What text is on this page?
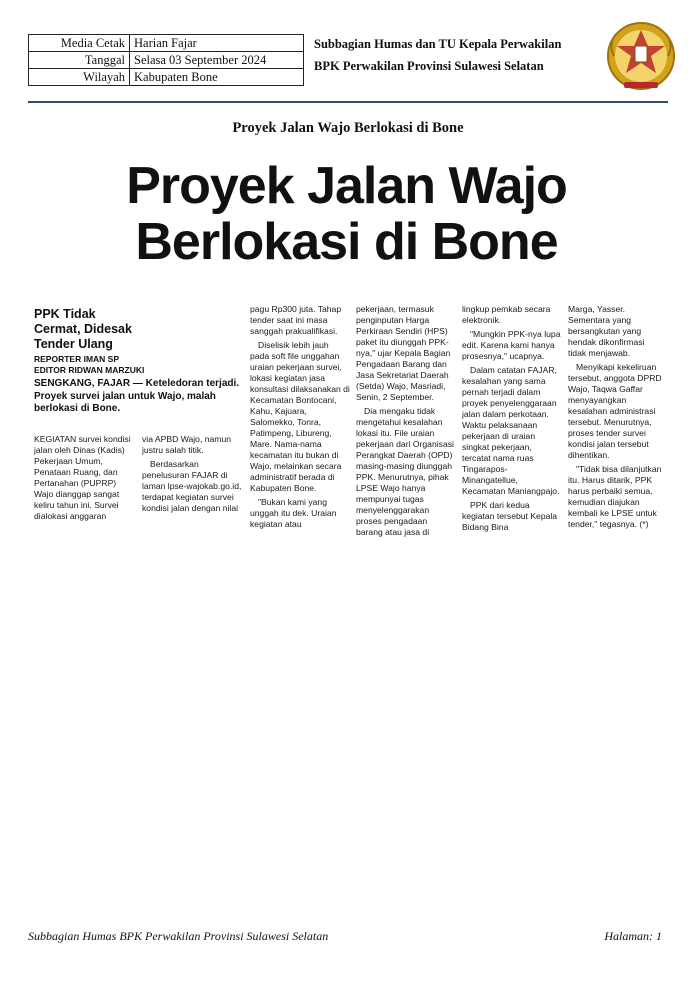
Media Cetak	Harian Fajar
Tanggal	Selasa 03 September 2024
Wilayah	Kabupaten Bone
Subbagian Humas dan TU Kepala Perwakilan
BPK Perwakilan Provinsi Sulawesi Selatan
Proyek Jalan Wajo Berlokasi di Bone
Proyek Jalan Wajo
Berlokasi di Bone
PPK Tidak Cermat, Didesak Tender Ulang
REPORTER IMAN SP
EDITOR RIDWAN MARZUKI
SENGKANG, FAJAR — Keteledoran terjadi. Proyek survei jalan untuk Wajo, malah berlokasi di Bone.

KEGIATAN survei kondisi jalan oleh Dinas (Kadis) Pekerjaan Umum, Penataan Ruang, dan Pertanahan (PUPRP) Wajo dianggap sangat keliru tahun ini. Survei dialokasi anggaran

via APBD Wajo, namun justru salah titik.

Berdasarkan penelusuran FAJAR di laman lpse-wajokab.go.id, terdapat kegiatan survei kondisi jalan dengan nilai

pagu Rp300 juta. Tahap tender saat ini masa sanggah prakualifikasi.

Diselisik lebih jauh pada soft file unggahan uraian pekerjaan survei, lokasi kegiatan jasa konsultasi dilaksanakan di Kecamatan Bontocani, Kahu, Kajuara, Salomekko, Tonra, Patimpeng, Libureng, Mare. Nama-nama kecamatan itu bukan di Wajo, melainkan secara administratif berada di Kabupaten Bone.

"Bukan kami yang unggah itu dek. Uraian kegiatan atau

pekerjaan, termasuk penginputan Harga Perkiraan Sendiri (HPS) paket itu diunggah PPK-nya," ujar Kepala Bagian Pengadaan Barang dan Jasa Sekretariat Daerah (Setda) Wajo, Masriadi, Senin, 2 September.

Dia mengaku tidak mengetahui kesalahan lokasi itu. File uraian pekerjaan dari Organisasi Perangkat Daerah (OPD) masing-masing diunggah PPK. Menurutnya, pihak LPSE Wajo hanya mempunyai tugas menyelenggarakan proses pengadaan barang atau jasa di

lingkup pemkab secara elektronik.

"Mungkin PPK-nya lupa edit. Karena kami hanya prosesnya," ucapnya.

Dalam catatan FAJAR, kesalahan yang sama pernah terjadi dalam proyek penyelenggaraan jalan dalam perkotaan. Waktu pelaksanaan pekerjaan di uraian singkat pekerjaan, tercatat nama ruas Tingarapos-Minangatellue, Kecamatan Maniangpajo.

PPK dari kedua kegiatan tersebut Kepala Bidang Bina

Marga, Yasser. Sementara yang bersangkutan yang hendak dikonfirmasi tidak menjawab.

Menyikapi kekeliruan tersebut, anggota DPRD Wajo, Taqwa Gaffar menyayangkan kesalahan administrasi tersebut. Menurutnya, proses tender survei kondisi jalan tersebut dihentikan.

"Tidak bisa dilanjutkan itu. Harus ditarik, PPK harus perbaiki semua, kemudian diajukan kembali ke LPSE untuk tender," tegasnya. (*)

Subbagian Humas BPK Perwakilan Provinsi Sulawesi Selatan	Halaman: 1
